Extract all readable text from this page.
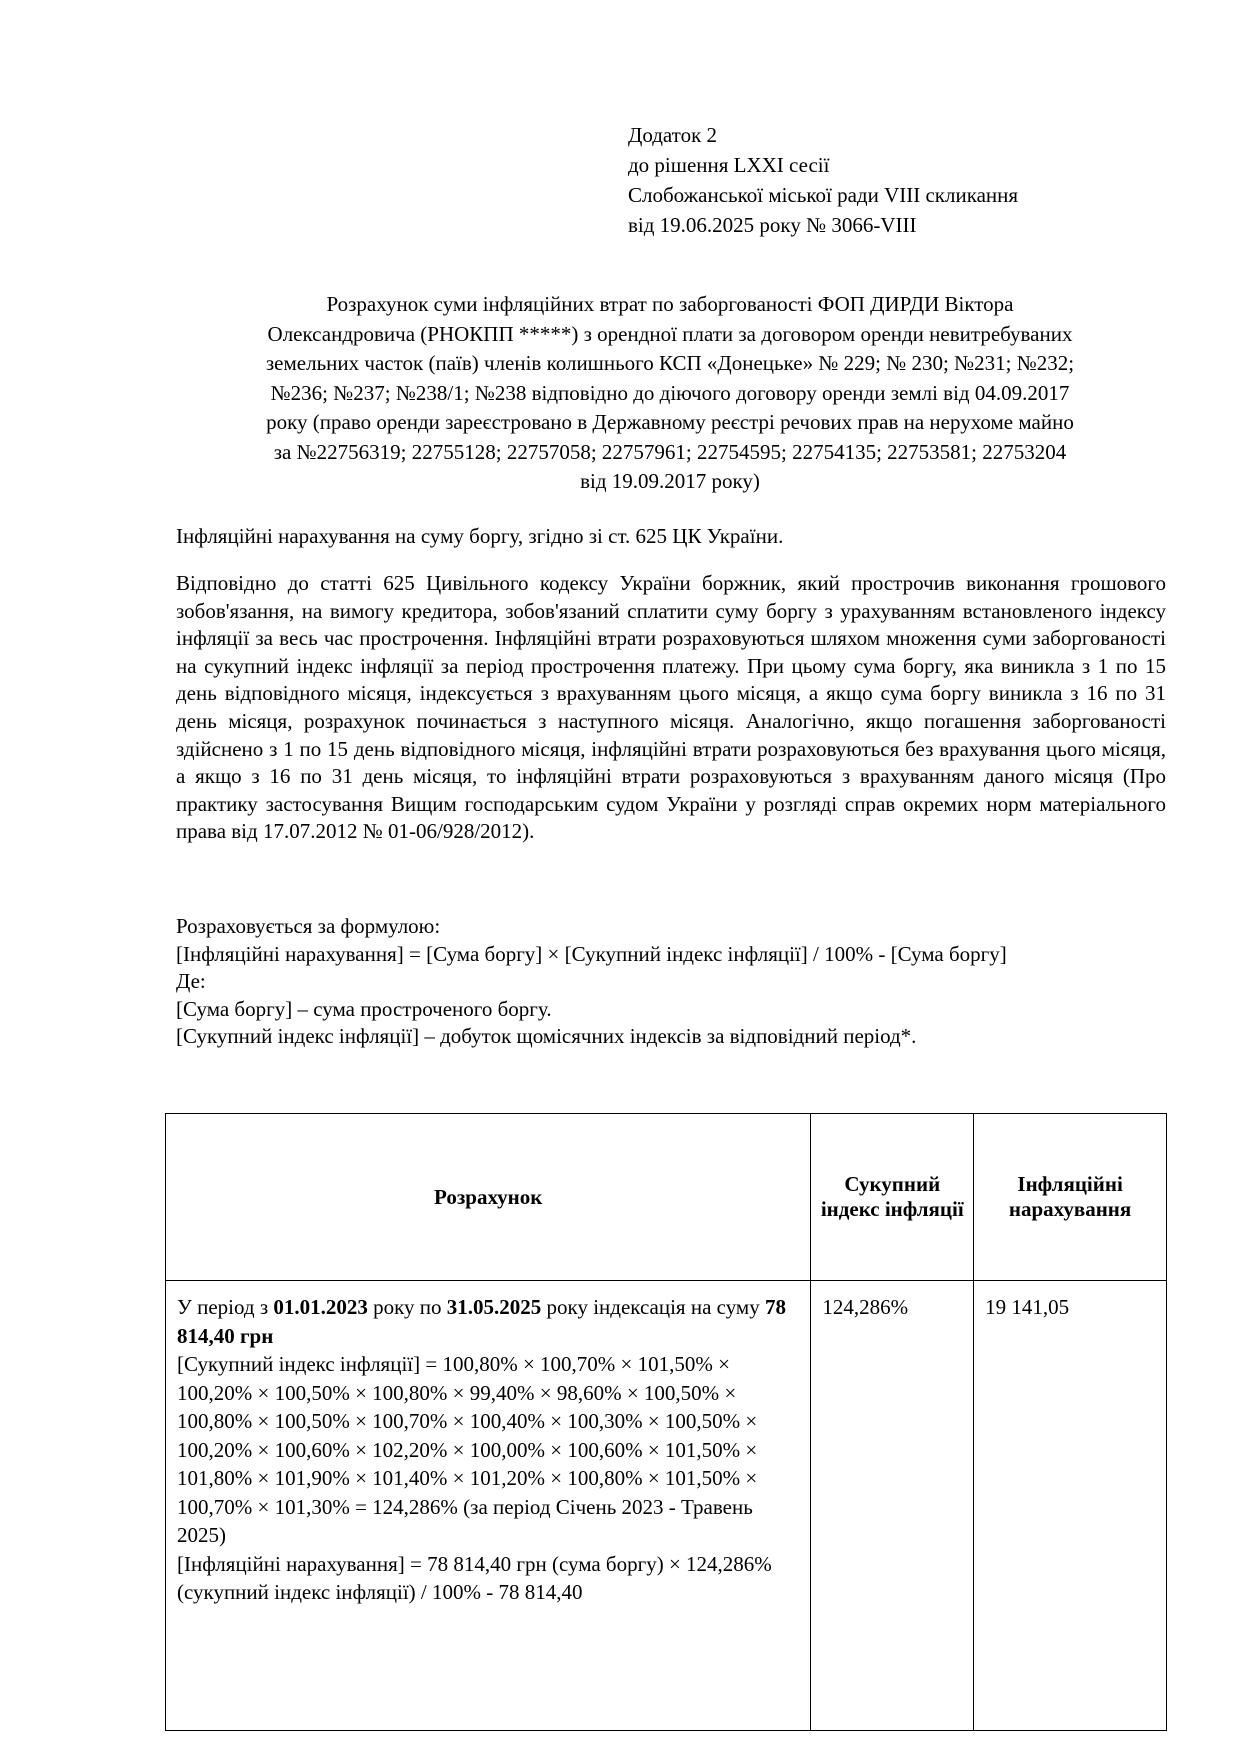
Додаток 2
до рішення LXXI сесії
Слобожанської міської ради VIII скликання
від 19.06.2025 року № 3066-VIII
Розрахунок суми інфляційних втрат по заборгованості ФОП ДИРДИ Віктора
Олександровича (РНОКПП *****) з орендної плати за договором оренди невитребуваних
земельних часток (паїв) членів колишнього КСП «Донецьке» № 229; № 230; №231; №232;
№236; №237; №238/1; №238 відповідно до діючого договору оренди землі від 04.09.2017
року (право оренди зареєстровано в Державному реєстрі речових прав на нерухоме майно
за №22756319; 22755128; 22757058; 22757961; 22754595; 22754135; 22753581; 22753204
від 19.09.2017 року)
Інфляційні нарахування на суму боргу, згідно зі ст. 625 ЦК України.
Відповідно до статті 625 Цивільного кодексу України боржник, який прострочив виконання грошового зобов'язання, на вимогу кредитора, зобов'язаний сплатити суму боргу з урахуванням встановленого індексу інфляції за весь час прострочення. Інфляційні втрати розраховуються шляхом множення суми заборгованості на сукупний індекс інфляції за період прострочення платежу. При цьому сума боргу, яка виникла з 1 по 15 день відповідного місяця, індексується з врахуванням цього місяця, а якщо сума боргу виникла з 16 по 31 день місяця, розрахунок починається з наступного місяця. Аналогічно, якщо погашення заборгованості здійснено з 1 по 15 день відповідного місяця, інфляційні втрати розраховуються без врахування цього місяця, а якщо з 16 по 31 день місяця, то інфляційні втрати розраховуються з врахуванням даного місяця (Про практику застосування Вищим господарським судом України у розгляді справ окремих норм матеріального права від 17.07.2012 № 01-06/928/2012).
Розраховується за формулою:
[Інфляційні нарахування] = [Сума боргу] × [Сукупний індекс інфляції] / 100% - [Сума боргу]
Де:
[Сума боргу] – сума простроченого боргу.
[Сукупний індекс інфляції] – добуток щомісячних індексів за відповідний період*.
Розрахунок	Сукупний індекс інфляції	Інфляційні нарахування

У період з 01.01.2023 року по 31.05.2025 року індексація на суму 78 814,40 грн
[Сукупний індекс інфляції] = 100,80% × 100,70% × 101,50% × 100,20% × 100,50% × 100,80% × 99,40% × 98,60% × 100,50% × 100,80% × 100,50% × 100,70% × 100,40% × 100,30% × 100,50% × 100,20% × 100,60% × 102,20% × 100,00% × 100,60% × 101,50% × 101,80% × 101,90% × 101,40% × 101,20% × 100,80% × 101,50% × 100,70% × 101,30% = 124,286% (за період Січень 2023 - Травень 2025)
[Інфляційні нарахування] = 78 814,40 грн (сума боргу) × 124,286% (сукупний індекс інфляції) / 100% - 78 814,40	124,286%	19 141,05
